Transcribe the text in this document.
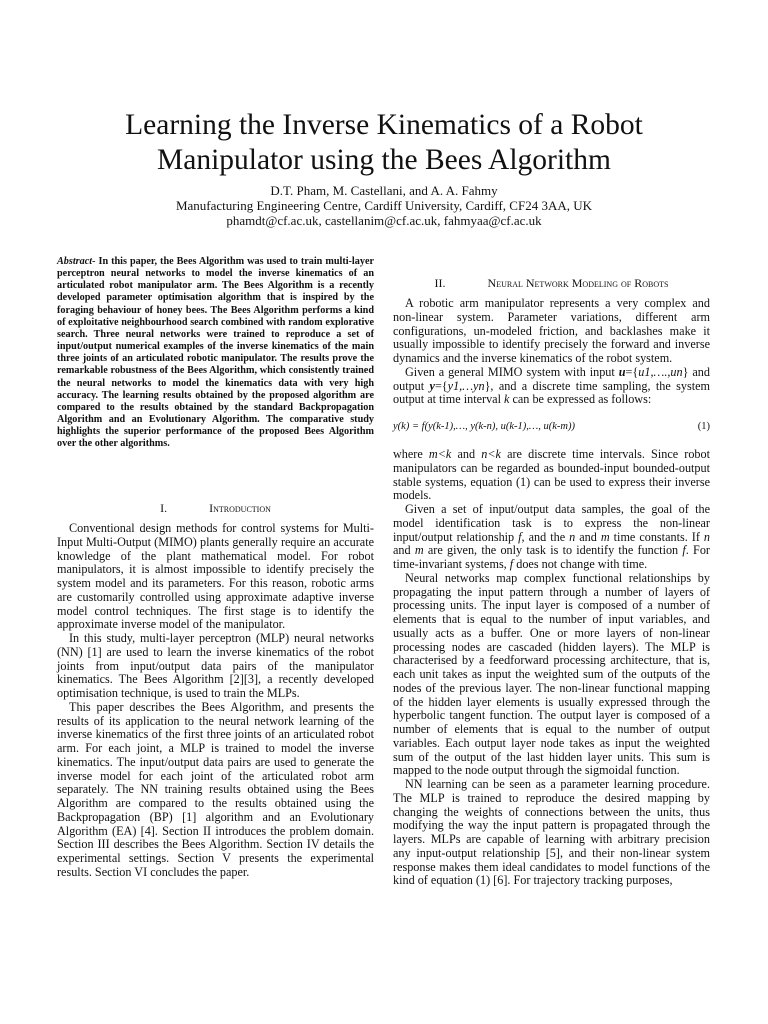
Learning the Inverse Kinematics of a Robot
Manipulator using the Bees Algorithm
D.T. Pham, M. Castellani, and A. A. Fahmy
Manufacturing Engineering Centre, Cardiff University, Cardiff, CF24 3AA, UK
phamdt@cf.ac.uk, castellanim@cf.ac.uk, fahmyaa@cf.ac.uk
Abstract- In this paper, the Bees Algorithm was used to train multi-layer perceptron neural networks to model the inverse kinematics of an articulated robot manipulator arm. The Bees Algorithm is a recently developed parameter optimisation algorithm that is inspired by the foraging behaviour of honey bees. The Bees Algorithm performs a kind of exploitative neighbourhood search combined with random explorative search. Three neural networks were trained to reproduce a set of input/output numerical examples of the inverse kinematics of the main three joints of an articulated robotic manipulator. The results prove the remarkable robustness of the Bees Algorithm, which consistently trained the neural networks to model the kinematics data with very high accuracy. The learning results obtained by the proposed algorithm are compared to the results obtained by the standard Backpropagation Algorithm and an Evolutionary Algorithm. The comparative study highlights the superior performance of the proposed Bees Algorithm over the other algorithms.
I.	Introduction

Conventional design methods for control systems for Multi-Input Multi-Output (MIMO) plants generally require an accurate knowledge of the plant mathematical model. For robot manipulators, it is almost impossible to identify precisely the system model and its parameters. For this reason, robotic arms are customarily controlled using approximate adaptive inverse model control techniques. The first stage is to identify the approximate inverse model of the manipulator.

In this study, multi-layer perceptron (MLP) neural networks (NN) [1] are used to learn the inverse kinematics of the robot joints from input/output data pairs of the manipulator kinematics. The Bees Algorithm [2][3], a recently developed optimisation technique, is used to train the MLPs.

This paper describes the Bees Algorithm, and presents the results of its application to the neural network learning of the inverse kinematics of the first three joints of an articulated robot arm. For each joint, a MLP is trained to model the inverse kinematics. The input/output data pairs are used to generate the inverse model for each joint of the articulated robot arm separately. The NN training results obtained using the Bees Algorithm are compared to the results obtained using the Backpropagation (BP) [1] algorithm and an Evolutionary Algorithm (EA) [4]. Section II introduces the problem domain. Section III describes the Bees Algorithm. Section IV details the experimental settings. Section V presents the experimental results. Section VI concludes the paper.

II.	Neural Network Modeling of Robots

A robotic arm manipulator represents a very complex and non-linear system. Parameter variations, different arm configurations, un-modeled friction, and backlashes make it usually impossible to identify precisely the forward and inverse dynamics and the inverse kinematics of the robot system.

Given a general MIMO system with input u={u1,….,un} and output y={y1,…yn}, and a discrete time sampling, the system output at time interval k can be expressed as follows:

y(k) = f(y(k-1),…, y(k-n), u(k-1),…, u(k-m))	(1)

where m<k and n<k are discrete time intervals. Since robot manipulators can be regarded as bounded-input bounded-output stable systems, equation (1) can be used to express their inverse models.

Given a set of input/output data samples, the goal of the model identification task is to express the non-linear input/output relationship f, and the n and m time constants. If n and m are given, the only task is to identify the function f. For time-invariant systems, f does not change with time.

Neural networks map complex functional relationships by propagating the input pattern through a number of layers of processing units. The input layer is composed of a number of elements that is equal to the number of input variables, and usually acts as a buffer. One or more layers of non-linear processing nodes are cascaded (hidden layers). The MLP is characterised by a feedforward processing architecture, that is, each unit takes as input the weighted sum of the outputs of the nodes of the previous layer. The non-linear functional mapping of the hidden layer elements is usually expressed through the hyperbolic tangent function. The output layer is composed of a number of elements that is equal to the number of output variables. Each output layer node takes as input the weighted sum of the output of the last hidden layer units. This sum is mapped to the node output through the sigmoidal function.

NN learning can be seen as a parameter learning procedure. The MLP is trained to reproduce the desired mapping by changing the weights of connections between the units, thus modifying the way the input pattern is propagated through the layers. MLPs are capable of learning with arbitrary precision any input-output relationship [5], and their non-linear system response makes them ideal candidates to model functions of the kind of equation (1) [6]. For trajectory tracking purposes,
